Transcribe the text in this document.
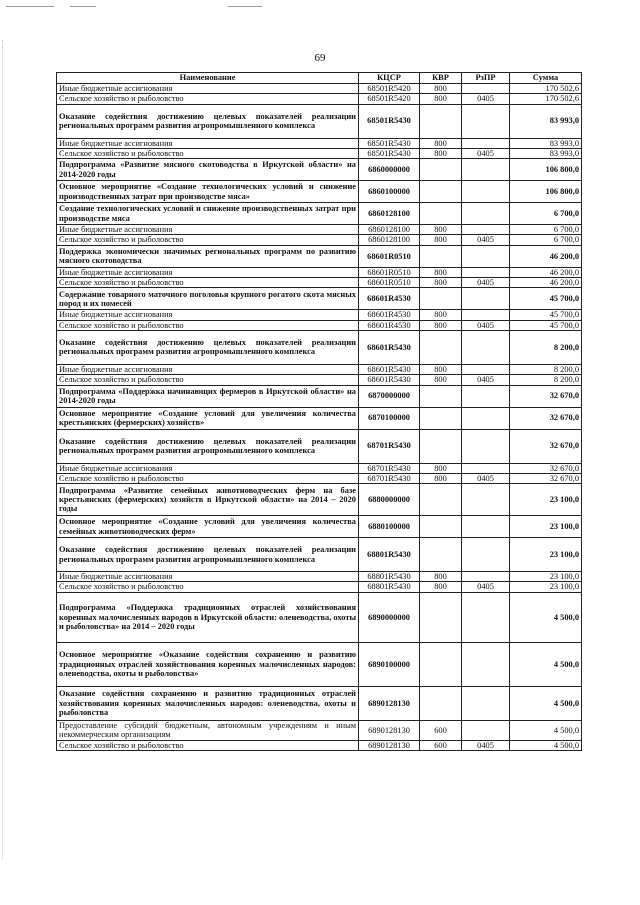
69
Наименование	КЦСР	КВР	РзПР	Сумма
Иные бюджетные ассигнования	68501R5420	800		170 502,6
Сельское хозяйство и рыболовство	68501R5420	800	0405	170 502,6
Оказание содействия достижению целевых показателей реализации региональных программ развития агропромышленного комплекса	68501R5430			83 993,0
Иные бюджетные ассигнования	68501R5430	800		83 993,0
Сельское хозяйство и рыболовство	68501R5430	800	0405	83 993,0
Подпрограмма «Развитие мясного скотоводства в Иркутской области» на 2014-2020 годы	6860000000			106 800,0
Основное мероприятие «Создание технологических условий и снижение производственных затрат при производстве мяса»	6860100000			106 800,0
Создание технологических условий и снижение производственных затрат при производстве мяса	6860128100			6 700,0
Иные бюджетные ассигнования	6860128100	800		6 700,0
Сельское хозяйство и рыболовство	6860128100	800	0405	6 700,0
Поддержка экономически значимых региональных программ по развитию мясного скотоводства	68601R0510			46 200,0
Иные бюджетные ассигнования	68601R0510	800		46 200,0
Сельское хозяйство и рыболовство	68601R0510	800	0405	46 200,0
Содержание товарного маточного поголовья крупного рогатого скота мясных пород и их помесей	68601R4530			45 700,0
Иные бюджетные ассигнования	68601R4530	800		45 700,0
Сельское хозяйство и рыболовство	68601R4530	800	0405	45 700,0
Оказание содействия достижению целевых показателей реализации региональных программ развития агропромышленного комплекса	68601R5430			8 200,0
Иные бюджетные ассигнования	68601R5430	800		8 200,0
Сельское хозяйство и рыболовство	68601R5430	800	0405	8 200,0
Подпрограмма «Поддержка начинающих фермеров в Иркутской области» на 2014-2020 годы	6870000000			32 670,0
Основное мероприятие «Создание условий для увеличения количества крестьянских (фермерских) хозяйств»	6870100000			32 670,0
Оказание содействия достижению целевых показателей реализации региональных программ развития агропромышленного комплекса	68701R5430			32 670,0
Иные бюджетные ассигнования	68701R5430	800		32 670,0
Сельское хозяйство и рыболовство	68701R5430	800	0405	32 670,0
Подпрограмма «Развитие семейных животноводческих ферм на базе крестьянских (фермерских) хозяйств в Иркутской области» на 2014 – 2020 годы	6880000000			23 100,0
Основное мероприятие «Создание условий для увеличения количества семейных животноводческих ферм»	6880100000			23 100,0
Оказание содействия достижению целевых показателей реализации региональных программ развития агропромышленного комплекса	68801R5430			23 100,0
Иные бюджетные ассигнования	68801R5430	800		23 100,0
Сельское хозяйство и рыболовство	68801R5430	800	0405	23 100,0
Подпрограмма «Поддержка традиционных отраслей хозяйствования коренных малочисленных народов в Иркутской области: оленеводства, охоты и рыболовства» на 2014 – 2020 годы	6890000000			4 500,0
Основное мероприятие «Оказание содействия сохранению и развитию традиционных отраслей хозяйствования коренных малочисленных народов: оленеводства, охоты и рыболовства»	6890100000			4 500,0
Оказание содействия сохранению и развитию традиционных отраслей хозяйствования коренных малочисленных народов: оленеводства, охоты и рыболовства	6890128130			4 500,0
Предоставление субсидий бюджетным, автономным учреждениям и иным некоммерческим организациям	6890128130	600		4 500,0
Сельское хозяйство и рыболовство	6890128130	600	0405	4 500,0
